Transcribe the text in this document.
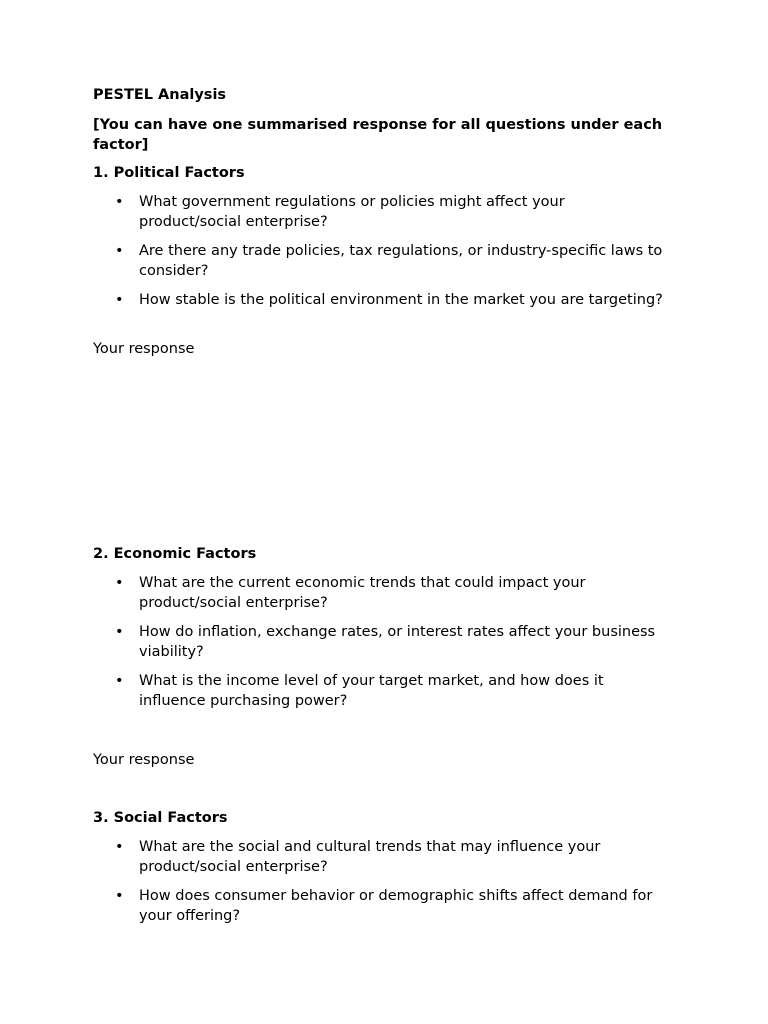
PESTEL Analysis
[You can have one summarised response for all questions under each factor]
1. Political Factors
• What government regulations or policies might affect your product/social enterprise?
• Are there any trade policies, tax regulations, or industry-specific laws to consider?
• How stable is the political environment in the market you are targeting?
Your response
2. Economic Factors
• What are the current economic trends that could impact your product/social enterprise?
• How do inflation, exchange rates, or interest rates affect your business viability?
• What is the income level of your target market, and how does it influence purchasing power?
Your response
3. Social Factors
• What are the social and cultural trends that may influence your product/social enterprise?
• How does consumer behavior or demographic shifts affect demand for your offering?
